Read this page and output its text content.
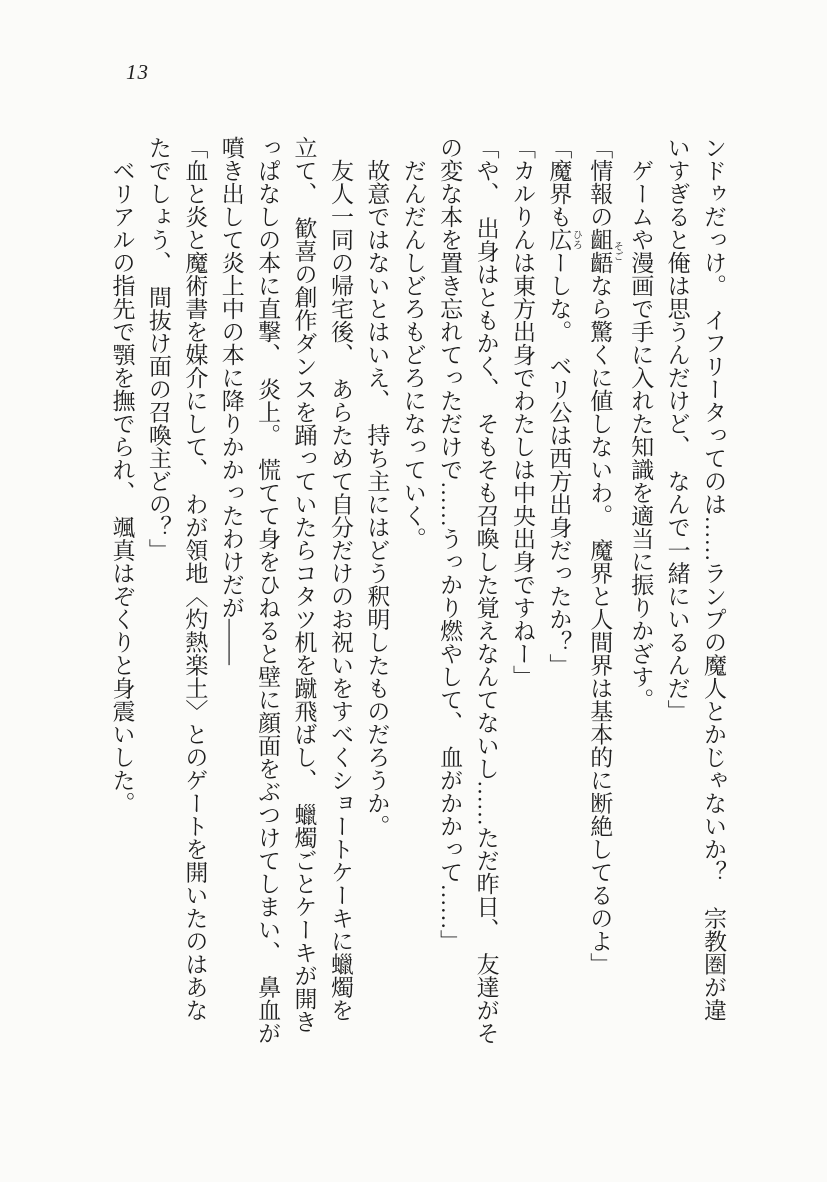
13

ンドゥだっけ。　イフリータってのは……ランプの魔人とかじゃないか？　宗教圏が違

いすぎると俺は思うんだけど、　なんで一緒にいるんだ」

　ゲームや漫画で手に入れた知識を適当に振りかざす。

「情報の齟齬 そごなら驚くに値しないわ。　魔界と人間界は基本的に断絶してるのよ」

「魔界も広 ひろーしな。　ベリ公は西方出身だったか？」

「カルりんは東方出身でわたしは中央出身ですねー」

「や、　出身はともかく、　そもそも召喚した覚えなんてないし……ただ昨日、　友達がそ

の変な本を置き忘れてっただけで……うっかり燃やして、　血がかかって……」

　だんだんしどろもどろになっていく。

　故意ではないとはいえ、　持ち主にはどう釈明したものだろうか。

　友人一同の帰宅後、　あらためて自分だけのお祝いをすべくショートケーキに蠟燭を

立て、　歓喜の創作ダンスを踊っていたらコタツ机を蹴飛ばし、　蠟燭ごとケーキが開き

っぱなしの本に直撃、　炎上。　慌てて身をひねると壁に顔面をぶつけてしまい、　鼻血が

噴き出して炎上中の本に降りかかったわけだが——

「血と炎と魔術書を媒介にして、　わが領地〈灼熱楽土〉とのゲートを開いたのはあな

たでしょう、　間抜け面の召喚主どの？」

　ベリアルの指先で顎を撫でられ、　颯真はぞくりと身震いした。
